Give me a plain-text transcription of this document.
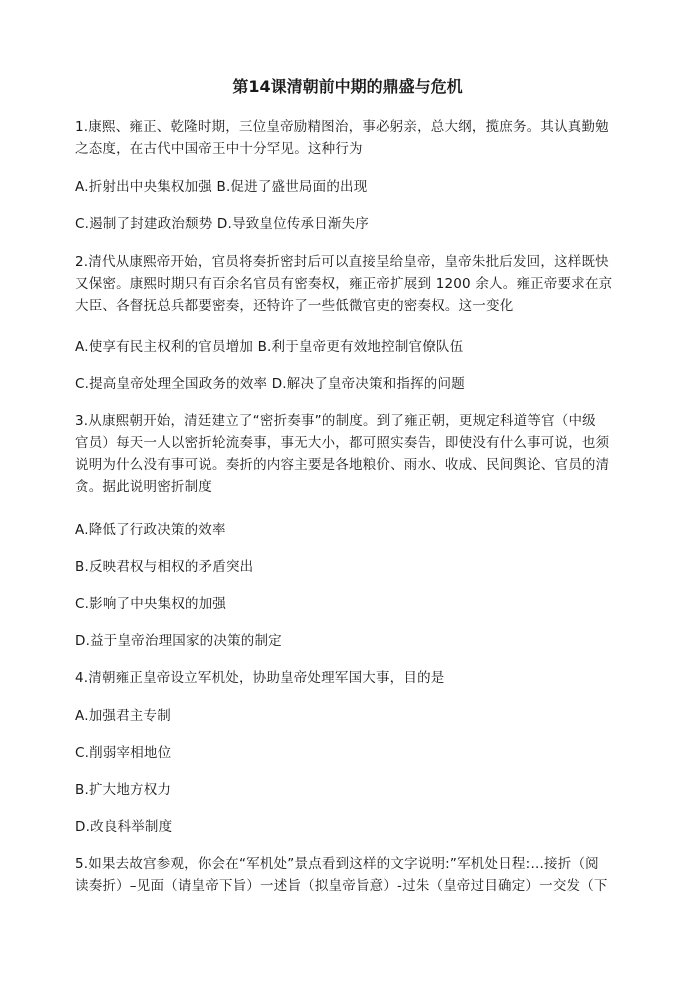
第14课清朝前中期的鼎盛与危机
1.康熙、雍正、乾隆时期，三位皇帝励精图治，事必躬亲，总大纲，揽庶务。其认真勤勉
之态度，在古代中国帝王中十分罕见。这种行为
A.折射出中央集权加强 B.促进了盛世局面的出现
C.遏制了封建政治颓势 D.导致皇位传承日渐失序
2.清代从康熙帝开始，官员将奏折密封后可以直接呈给皇帝，皇帝朱批后发回，这样既快
又保密。康熙时期只有百余名官员有密奏权，雍正帝扩展到 1200 余人。雍正帝要求在京
大臣、各督抚总兵都要密奏，还特许了一些低微官吏的密奏权。这一变化
A.使享有民主权利的官员增加 B.利于皇帝更有效地控制官僚队伍
C.提高皇帝处理全国政务的效率 D.解决了皇帝决策和指挥的问题
3.从康熙朝开始，清廷建立了“密折奏事”的制度。到了雍正朝，更规定科道等官（中级
官员）每天一人以密折轮流奏事，事无大小，都可照实奏告，即使没有什么事可说，也须
说明为什么没有事可说。奏折的内容主要是各地粮价、雨水、收成、民间舆论、官员的清
贪。据此说明密折制度
A.降低了行政决策的效率
B.反映君权与相权的矛盾突出
C.影响了中央集权的加强
D.益于皇帝治理国家的决策的制定
4.清朝雍正皇帝设立军机处，协助皇帝处理军国大事，目的是
A.加强君主专制
C.削弱宰相地位
B.扩大地方权力
D.改良科举制度
5.如果去故宫参观，你会在“军机处”景点看到这样的文字说明:”军机处日程:…接折（阅
读奏折）–见面（请皇帝下旨）一述旨（拟皇帝旨意）-过朱（皇帝过目确定）一交发（下
